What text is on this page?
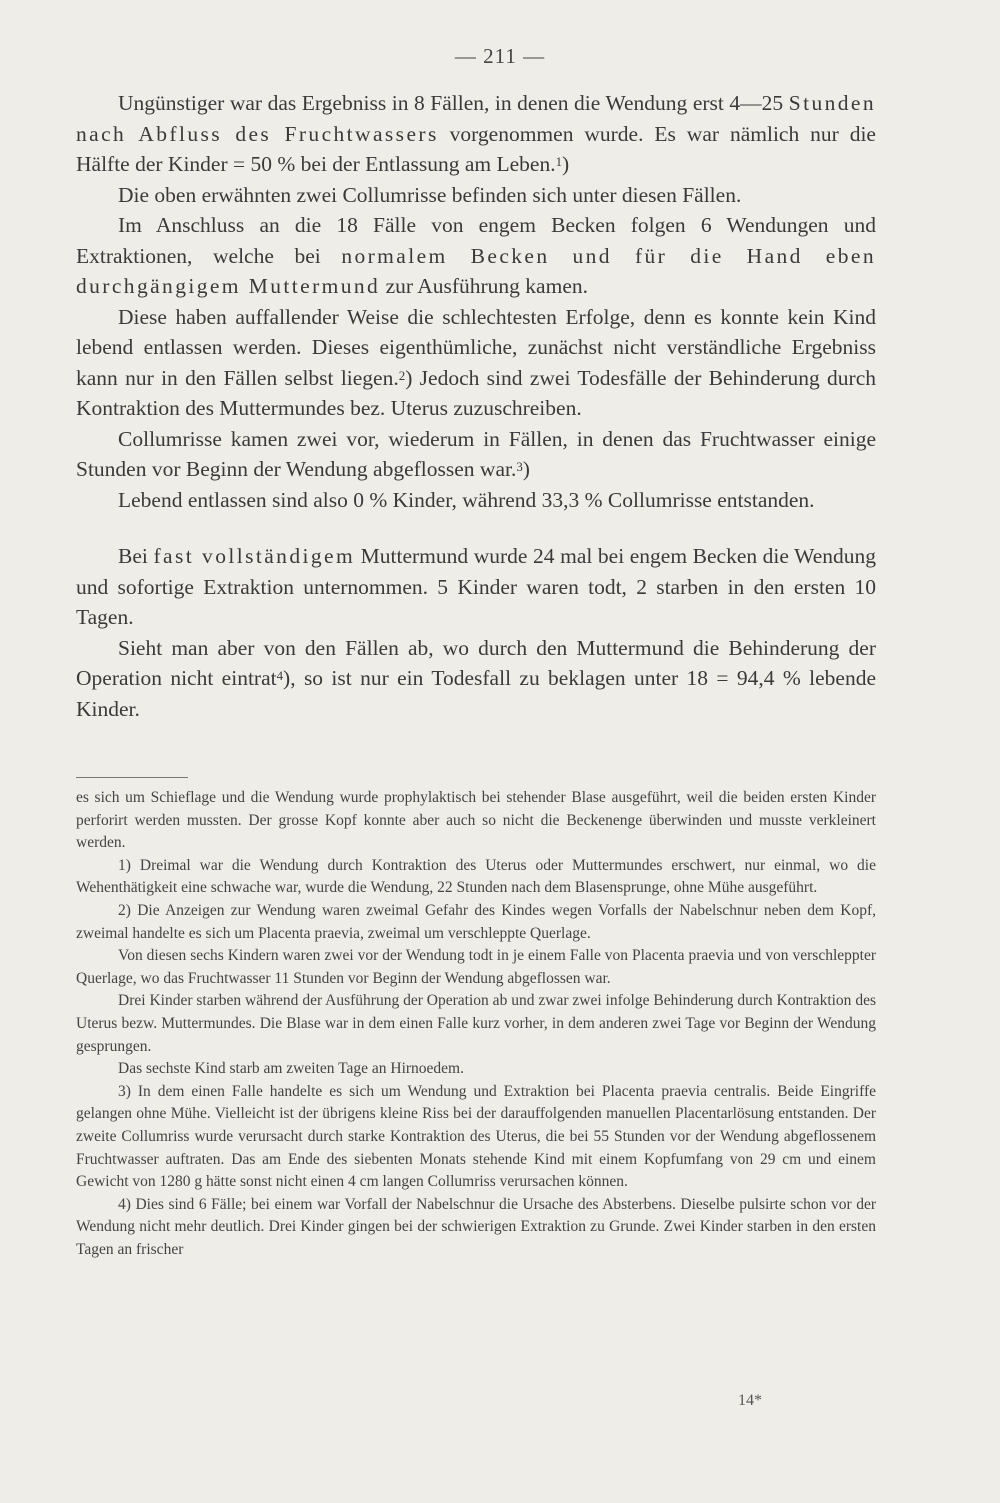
— 211 —

Ungünstiger war das Ergebniss in 8 Fällen, in denen die Wendung erst 4—25 Stunden nach Abfluss des Fruchtwassers vorgenommen wurde. Es war nämlich nur die Hälfte der Kinder = 50 % bei der Entlassung am Leben.$^1$)

Die oben erwähnten zwei Collumrisse befinden sich unter diesen Fällen.

Im Anschluss an die 18 Fälle von engem Becken folgen 6 Wendungen und Extraktionen, welche bei normalem Becken und für die Hand eben durchgängigem Muttermund zur Ausführung kamen.

Diese haben auffallender Weise die schlechtesten Erfolge, denn es konnte kein Kind lebend entlassen werden. Dieses eigenthümliche, zunächst nicht verständliche Ergebniss kann nur in den Fällen selbst liegen.$^2$) Jedoch sind zwei Todesfälle der Behinderung durch Kontraktion des Muttermundes bez. Uterus zuzuschreiben.

Collumrisse kamen zwei vor, wiederum in Fällen, in denen das Fruchtwasser einige Stunden vor Beginn der Wendung abgeflossen war.$^3$)

Lebend entlassen sind also 0 % Kinder, während 33,3 % Collumrisse entstanden.

Bei fast vollständigem Muttermund wurde 24 mal bei engem Becken die Wendung und sofortige Extraktion unternommen. 5 Kinder waren todt, 2 starben in den ersten 10 Tagen.

Sieht man aber von den Fällen ab, wo durch den Muttermund die Behinderung der Operation nicht eintrat$^4$), so ist nur ein Todesfall zu beklagen unter 18 = 94,4 % lebende Kinder.

es sich um Schieflage und die Wendung wurde prophylaktisch bei stehender Blase ausgeführt, weil die beiden ersten Kinder perforirt werden mussten. Der grosse Kopf konnte aber auch so nicht die Beckenenge überwinden und musste verkleinert werden.

1) Dreimal war die Wendung durch Kontraktion des Uterus oder Muttermundes erschwert, nur einmal, wo die Wehenthätigkeit eine schwache war, wurde die Wendung, 22 Stunden nach dem Blasensprunge, ohne Mühe ausgeführt.

2) Die Anzeigen zur Wendung waren zweimal Gefahr des Kindes wegen Vorfalls der Nabelschnur neben dem Kopf, zweimal handelte es sich um Placenta praevia, zweimal um verschleppte Querlage.

Von diesen sechs Kindern waren zwei vor der Wendung todt in je einem Falle von Placenta praevia und von verschleppter Querlage, wo das Fruchtwasser 11 Stunden vor Beginn der Wendung abgeflossen war.

Drei Kinder starben während der Ausführung der Operation ab und zwar zwei infolge Behinderung durch Kontraktion des Uterus bezw. Muttermundes. Die Blase war in dem einen Falle kurz vorher, in dem anderen zwei Tage vor Beginn der Wendung gesprungen.

Das sechste Kind starb am zweiten Tage an Hirnoedem.

3) In dem einen Falle handelte es sich um Wendung und Extraktion bei Placenta praevia centralis. Beide Eingriffe gelangen ohne Mühe. Vielleicht ist der übrigens kleine Riss bei der darauffolgenden manuellen Placentarlösung entstanden. Der zweite Collumriss wurde verursacht durch starke Kontraktion des Uterus, die bei 55 Stunden vor der Wendung abgeflossenem Fruchtwasser auftraten. Das am Ende des siebenten Monats stehende Kind mit einem Kopfumfang von 29 cm und einem Gewicht von 1280 g hätte sonst nicht einen 4 cm langen Collumriss verursachen können.

4) Dies sind 6 Fälle; bei einem war Vorfall der Nabelschnur die Ursache des Absterbens. Dieselbe pulsirte schon vor der Wendung nicht mehr deutlich. Drei Kinder gingen bei der schwierigen Extraktion zu Grunde. Zwei Kinder starben in den ersten Tagen an frischer

14*
